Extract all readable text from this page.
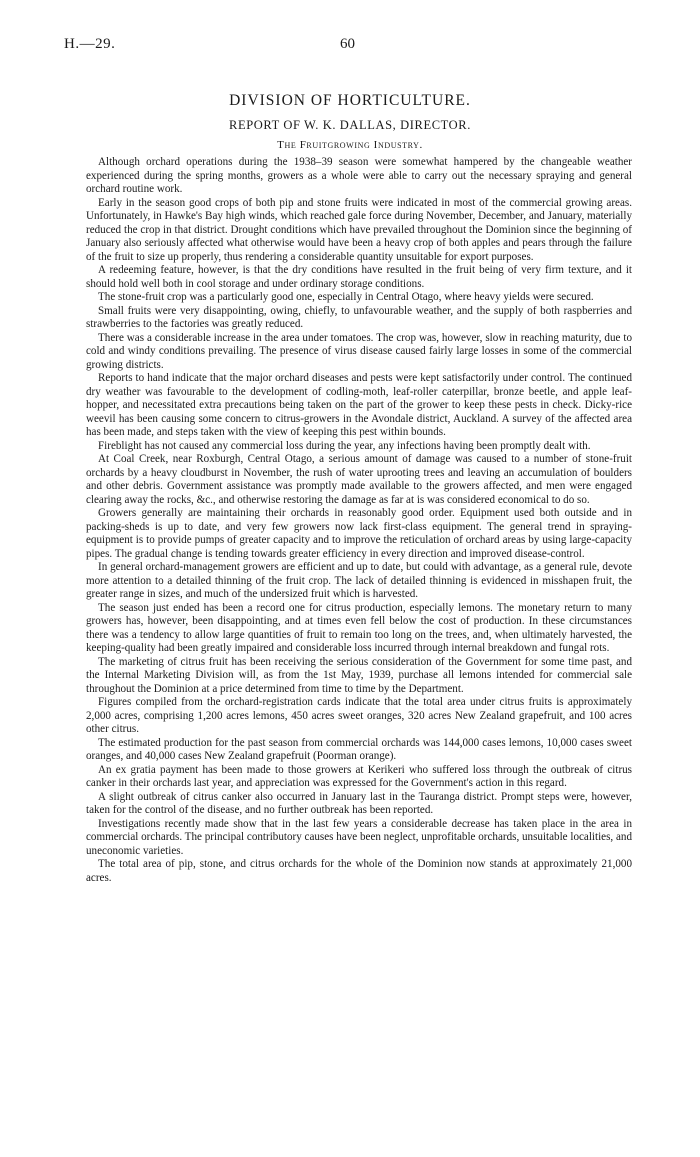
H.—29.	60
DIVISION OF HORTICULTURE.
REPORT OF W. K. DALLAS, DIRECTOR.
The Fruitgrowing Industry.

Although orchard operations during the 1938–39 season were somewhat hampered by the changeable weather experienced during the spring months, growers as a whole were able to carry out the necessary spraying and general orchard routine work.

Early in the season good crops of both pip and stone fruits were indicated in most of the commercial growing areas. Unfortunately, in Hawke's Bay high winds, which reached gale force during November, December, and January, materially reduced the crop in that district. Drought conditions which have prevailed throughout the Dominion since the beginning of January also seriously affected what otherwise would have been a heavy crop of both apples and pears through the failure of the fruit to size up properly, thus rendering a considerable quantity unsuitable for export purposes.

A redeeming feature, however, is that the dry conditions have resulted in the fruit being of very firm texture, and it should hold well both in cool storage and under ordinary storage conditions.

The stone-fruit crop was a particularly good one, especially in Central Otago, where heavy yields were secured.

Small fruits were very disappointing, owing, chiefly, to unfavourable weather, and the supply of both raspberries and strawberries to the factories was greatly reduced.

There was a considerable increase in the area under tomatoes. The crop was, however, slow in reaching maturity, due to cold and windy conditions prevailing. The presence of virus disease caused fairly large losses in some of the commercial growing districts.

Reports to hand indicate that the major orchard diseases and pests were kept satisfactorily under control. The continued dry weather was favourable to the development of codling-moth, leaf-roller caterpillar, bronze beetle, and apple leaf-hopper, and necessitated extra precautions being taken on the part of the grower to keep these pests in check. Dicky-rice weevil has been causing some concern to citrus-growers in the Avondale district, Auckland. A survey of the affected area has been made, and steps taken with the view of keeping this pest within bounds.

Fireblight has not caused any commercial loss during the year, any infections having been promptly dealt with.

At Coal Creek, near Roxburgh, Central Otago, a serious amount of damage was caused to a number of stone-fruit orchards by a heavy cloudburst in November, the rush of water uprooting trees and leaving an accumulation of boulders and other debris. Government assistance was promptly made available to the growers affected, and men were engaged clearing away the rocks, &c., and otherwise restoring the damage as far at is was considered economical to do so.

Growers generally are maintaining their orchards in reasonably good order. Equipment used both outside and in packing-sheds is up to date, and very few growers now lack first-class equipment. The general trend in spraying-equipment is to provide pumps of greater capacity and to improve the reticulation of orchard areas by using large-capacity pipes. The gradual change is tending towards greater efficiency in every direction and improved disease-control.

In general orchard-management growers are efficient and up to date, but could with advantage, as a general rule, devote more attention to a detailed thinning of the fruit crop. The lack of detailed thinning is evidenced in misshapen fruit, the greater range in sizes, and much of the undersized fruit which is harvested.

The season just ended has been a record one for citrus production, especially lemons. The monetary return to many growers has, however, been disappointing, and at times even fell below the cost of production. In these circumstances there was a tendency to allow large quantities of fruit to remain too long on the trees, and, when ultimately harvested, the keeping-quality had been greatly impaired and considerable loss incurred through internal breakdown and fungal rots.

The marketing of citrus fruit has been receiving the serious consideration of the Government for some time past, and the Internal Marketing Division will, as from the 1st May, 1939, purchase all lemons intended for commercial sale throughout the Dominion at a price determined from time to time by the Department.

Figures compiled from the orchard-registration cards indicate that the total area under citrus fruits is approximately 2,000 acres, comprising 1,200 acres lemons, 450 acres sweet oranges, 320 acres New Zealand grapefruit, and 100 acres other citrus.

The estimated production for the past season from commercial orchards was 144,000 cases lemons, 10,000 cases sweet oranges, and 40,000 cases New Zealand grapefruit (Poorman orange).

An ex gratia payment has been made to those growers at Kerikeri who suffered loss through the outbreak of citrus canker in their orchards last year, and appreciation was expressed for the Government's action in this regard.

A slight outbreak of citrus canker also occurred in January last in the Tauranga district. Prompt steps were, however, taken for the control of the disease, and no further outbreak has been reported.

Investigations recently made show that in the last few years a considerable decrease has taken place in the area in commercial orchards. The principal contributory causes have been neglect, unprofitable orchards, unsuitable localities, and uneconomic varieties.

The total area of pip, stone, and citrus orchards for the whole of the Dominion now stands at approximately 21,000 acres.
